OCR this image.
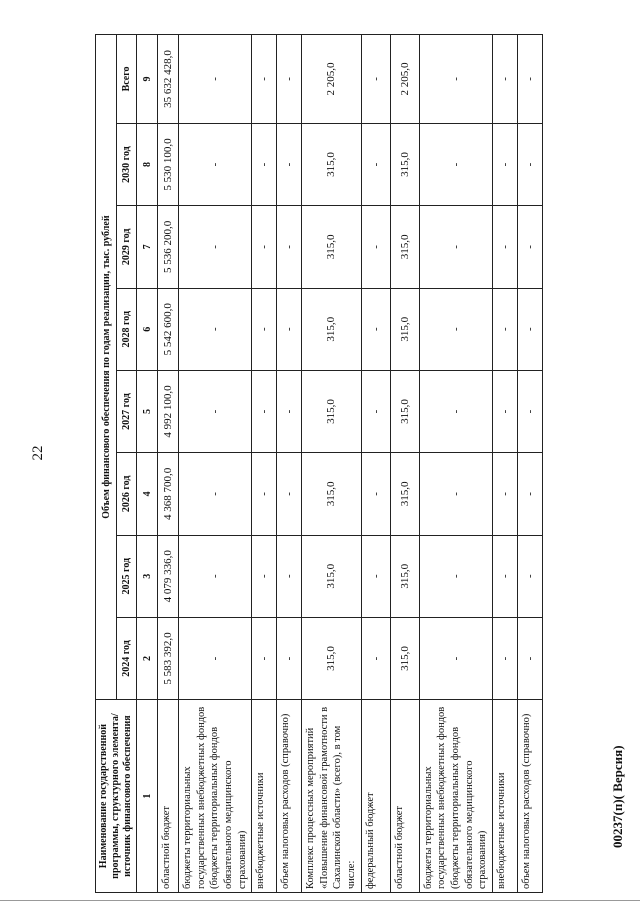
22
Наименование государственной программы, структурного элемента/источник финансового обеспечения	Объем финансового обеспечения по годам реализации, тыс. рублей							
	2024 год	2025 год	2026 год	2027 год	2028 год	2029 год	2030 год	Всего
1	2	3	4	5	6	7	8	9
областной бюджет	5 583 392,0	4 079 336,0	4 368 700,0	4 992 100,0	5 542 600,0	5 536 200,0	5 530 100,0	35 632 428,0
бюджеты территориальных государственных внебюджетных фондов (бюджеты территориальных фондов обязательного медицинского страхования)	-	-	-	-	-	-	-	-
внебюджетные источники	-	-	-	-	-	-	-	-
объем налоговых расходов (справочно)	-	-	-	-	-	-	-	-
Комплекс процессных мероприятий «Повышение финансовой грамотности в Сахалинской области» (всего), в том числе:	315,0	315,0	315,0	315,0	315,0	315,0	315,0	2 205,0
федеральный бюджет	-	-	-	-	-	-	-	-
областной бюджет	315,0	315,0	315,0	315,0	315,0	315,0	315,0	2 205,0
бюджеты территориальных государственных внебюджетных фондов (бюджеты территориальных фондов обязательного медицинского страхования)	-	-	-	-	-	-	-	-
внебюджетные источники	-	-	-	-	-	-	-	-
объем налоговых расходов (справочно)	-	-	-	-	-	-	-	-
00237(п)( Версия)
